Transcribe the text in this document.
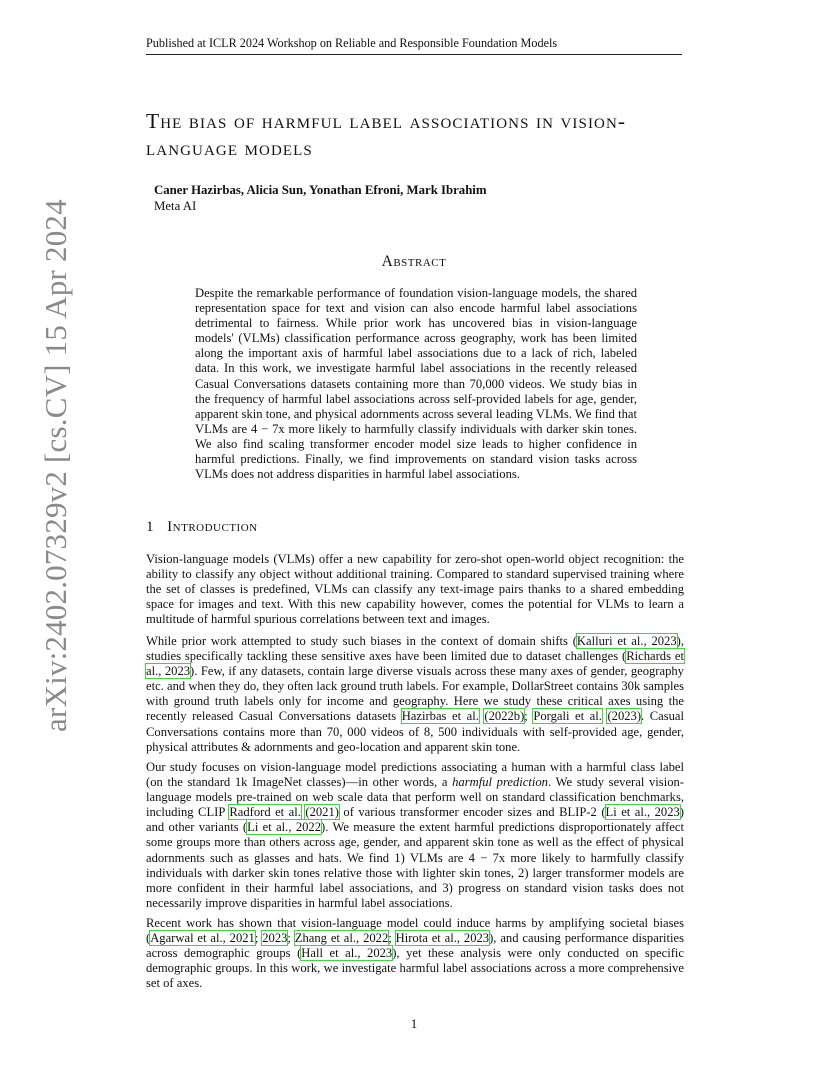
Published at ICLR 2024 Workshop on Reliable and Responsible Foundation Models
arXiv:2402.07329v2 [cs.CV] 15 Apr 2024
The bias of harmful label associations in vision-language models
Caner Hazirbas, Alicia Sun, Yonathan Efroni, Mark Ibrahim
Meta AI
Abstract
Despite the remarkable performance of foundation vision-language models, the shared representation space for text and vision can also encode harmful label associations detrimental to fairness. While prior work has uncovered bias in vision-language models' (VLMs) classification performance across geography, work has been limited along the important axis of harmful label associations due to a lack of rich, labeled data. In this work, we investigate harmful label associations in the recently released Casual Conversations datasets containing more than 70,000 videos. We study bias in the frequency of harmful label associations across self-provided labels for age, gender, apparent skin tone, and physical adornments across several leading VLMs. We find that VLMs are 4 − 7x more likely to harmfully classify individuals with darker skin tones. We also find scaling transformer encoder model size leads to higher confidence in harmful predictions. Finally, we find improvements on standard vision tasks across VLMs does not address disparities in harmful label associations.
1 Introduction
Vision-language models (VLMs) offer a new capability for zero-shot open-world object recognition: the ability to classify any object without additional training. Compared to standard supervised training where the set of classes is predefined, VLMs can classify any text-image pairs thanks to a shared embedding space for images and text. With this new capability however, comes the potential for VLMs to learn a multitude of harmful spurious correlations between text and images.
While prior work attempted to study such biases in the context of domain shifts (Kalluri et al., 2023), studies specifically tackling these sensitive axes have been limited due to dataset challenges (Richards et al., 2023). Few, if any datasets, contain large diverse visuals across these many axes of gender, geography etc. and when they do, they often lack ground truth labels. For example, DollarStreet contains 30k samples with ground truth labels only for income and geography. Here we study these critical axes using the recently released Casual Conversations datasets Hazirbas et al. (2022b); Porgali et al. (2023). Casual Conversations contains more than 70, 000 videos of 8, 500 individuals with self-provided age, gender, physical attributes & adornments and geo-location and apparent skin tone.
Our study focuses on vision-language model predictions associating a human with a harmful class label (on the standard 1k ImageNet classes)—in other words, a harmful prediction. We study several vision-language models pre-trained on web scale data that perform well on standard classification benchmarks, including CLIP Radford et al. (2021) of various transformer encoder sizes and BLIP-2 (Li et al., 2023) and other variants (Li et al., 2022). We measure the extent harmful predictions disproportionately affect some groups more than others across age, gender, and apparent skin tone as well as the effect of physical adornments such as glasses and hats. We find 1) VLMs are 4 − 7x more likely to harmfully classify individuals with darker skin tones relative those with lighter skin tones, 2) larger transformer models are more confident in their harmful label associations, and 3) progress on standard vision tasks does not necessarily improve disparities in harmful label associations.
Recent work has shown that vision-language model could induce harms by amplifying societal biases (Agarwal et al., 2021; 2023; Zhang et al., 2022; Hirota et al., 2023), and causing performance disparities across demographic groups (Hall et al., 2023), yet these analysis were only conducted on specific demographic groups. In this work, we investigate harmful label associations across a more comprehensive set of axes.
1
